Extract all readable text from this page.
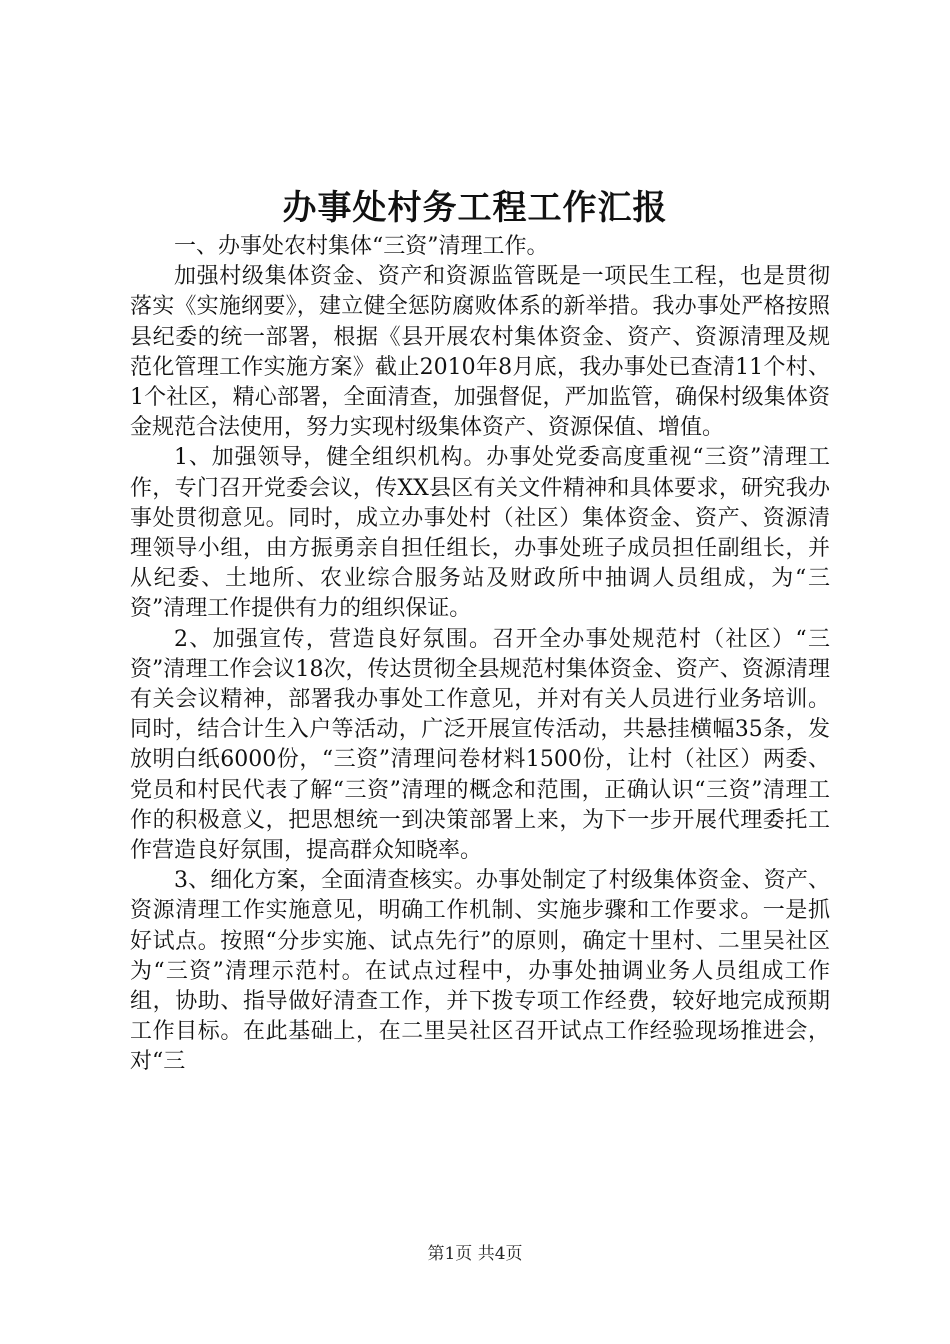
办事处村务工程工作汇报

一、办事处农村集体“三资”清理工作。

加强村级集体资金、资产和资源监管既是一项民生工程，也是贯彻落实《实施纲要》，建立健全惩防腐败体系的新举措。我办事处严格按照县纪委的统一部署，根据《县开展农村集体资金、资产、资源清理及规范化管理工作实施方案》截止2010年8月底，我办事处已查清11个村、1个社区，精心部署，全面清查，加强督促，严加监管，确保村级集体资金规范合法使用，努力实现村级集体资产、资源保值、增值。

1、加强领导，健全组织机构。办事处党委高度重视“三资”清理工作，专门召开党委会议，传XX县区有关文件精神和具体要求，研究我办事处贯彻意见。同时，成立办事处村（社区）集体资金、资产、资源清理领导小组，由方振勇亲自担任组长，办事处班子成员担任副组长，并从纪委、土地所、农业综合服务站及财政所中抽调人员组成，为“三资”清理工作提供有力的组织保证。

2、加强宣传，营造良好氛围。召开全办事处规范村（社区）“三资”清理工作会议18次，传达贯彻全县规范村集体资金、资产、资源清理有关会议精神，部署我办事处工作意见，并对有关人员进行业务培训。同时，结合计生入户等活动，广泛开展宣传活动，共悬挂横幅35条，发放明白纸6000份，“三资”清理问卷材料1500份，让村（社区）两委、党员和村民代表了解“三资”清理的概念和范围，正确认识“三资”清理工作的积极意义，把思想统一到决策部署上来，为下一步开展代理委托工作营造良好氛围，提高群众知晓率。

3、细化方案，全面清查核实。办事处制定了村级集体资金、资产、资源清理工作实施意见，明确工作机制、实施步骤和工作要求。一是抓好试点。按照“分步实施、试点先行”的原则，确定十里村、二里吴社区为“三资”清理示范村。在试点过程中，办事处抽调业务人员组成工作组，协助、指导做好清查工作，并下拨专项工作经费，较好地完成预期工作目标。在此基础上，在二里吴社区召开试点工作经验现场推进会，对“三

第1页 共4页
